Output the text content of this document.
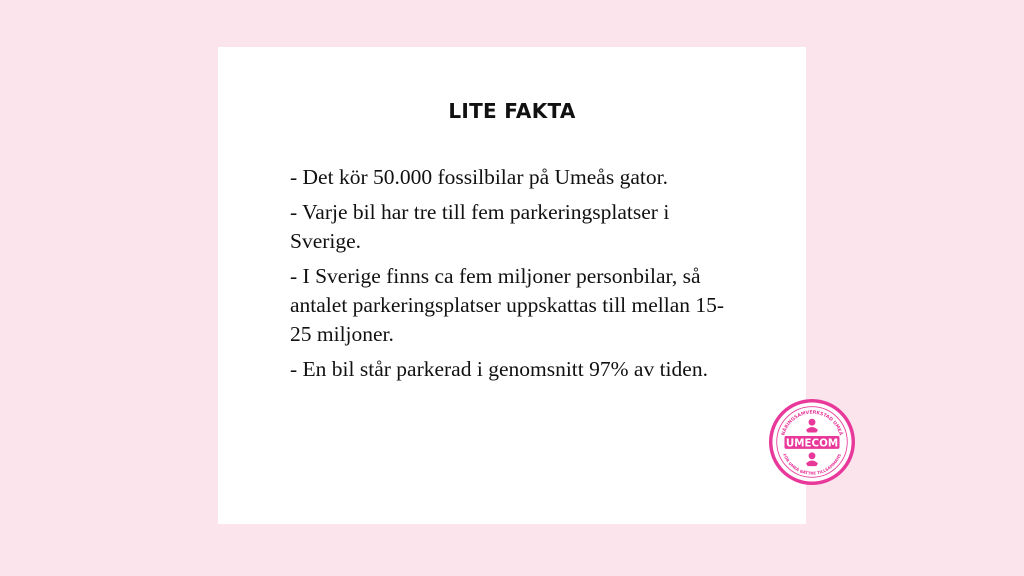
LITE FAKTA
- Det kör 50.000 fossilbilar på Umeås gator.
- Varje bil har tre till fem parkeringsplatser i Sverige.
- I Sverige finns ca fem miljoner personbilar, så antalet parkeringsplatser uppskattas till mellan 15-25 miljoner.
- En bil står parkerad i genomsnitt 97% av tiden.
NÄRINGSAMVERKSTAD UMEÅ
FÖR UMEÅ BÄTTRE TILLSAMMANS
UMECOM
